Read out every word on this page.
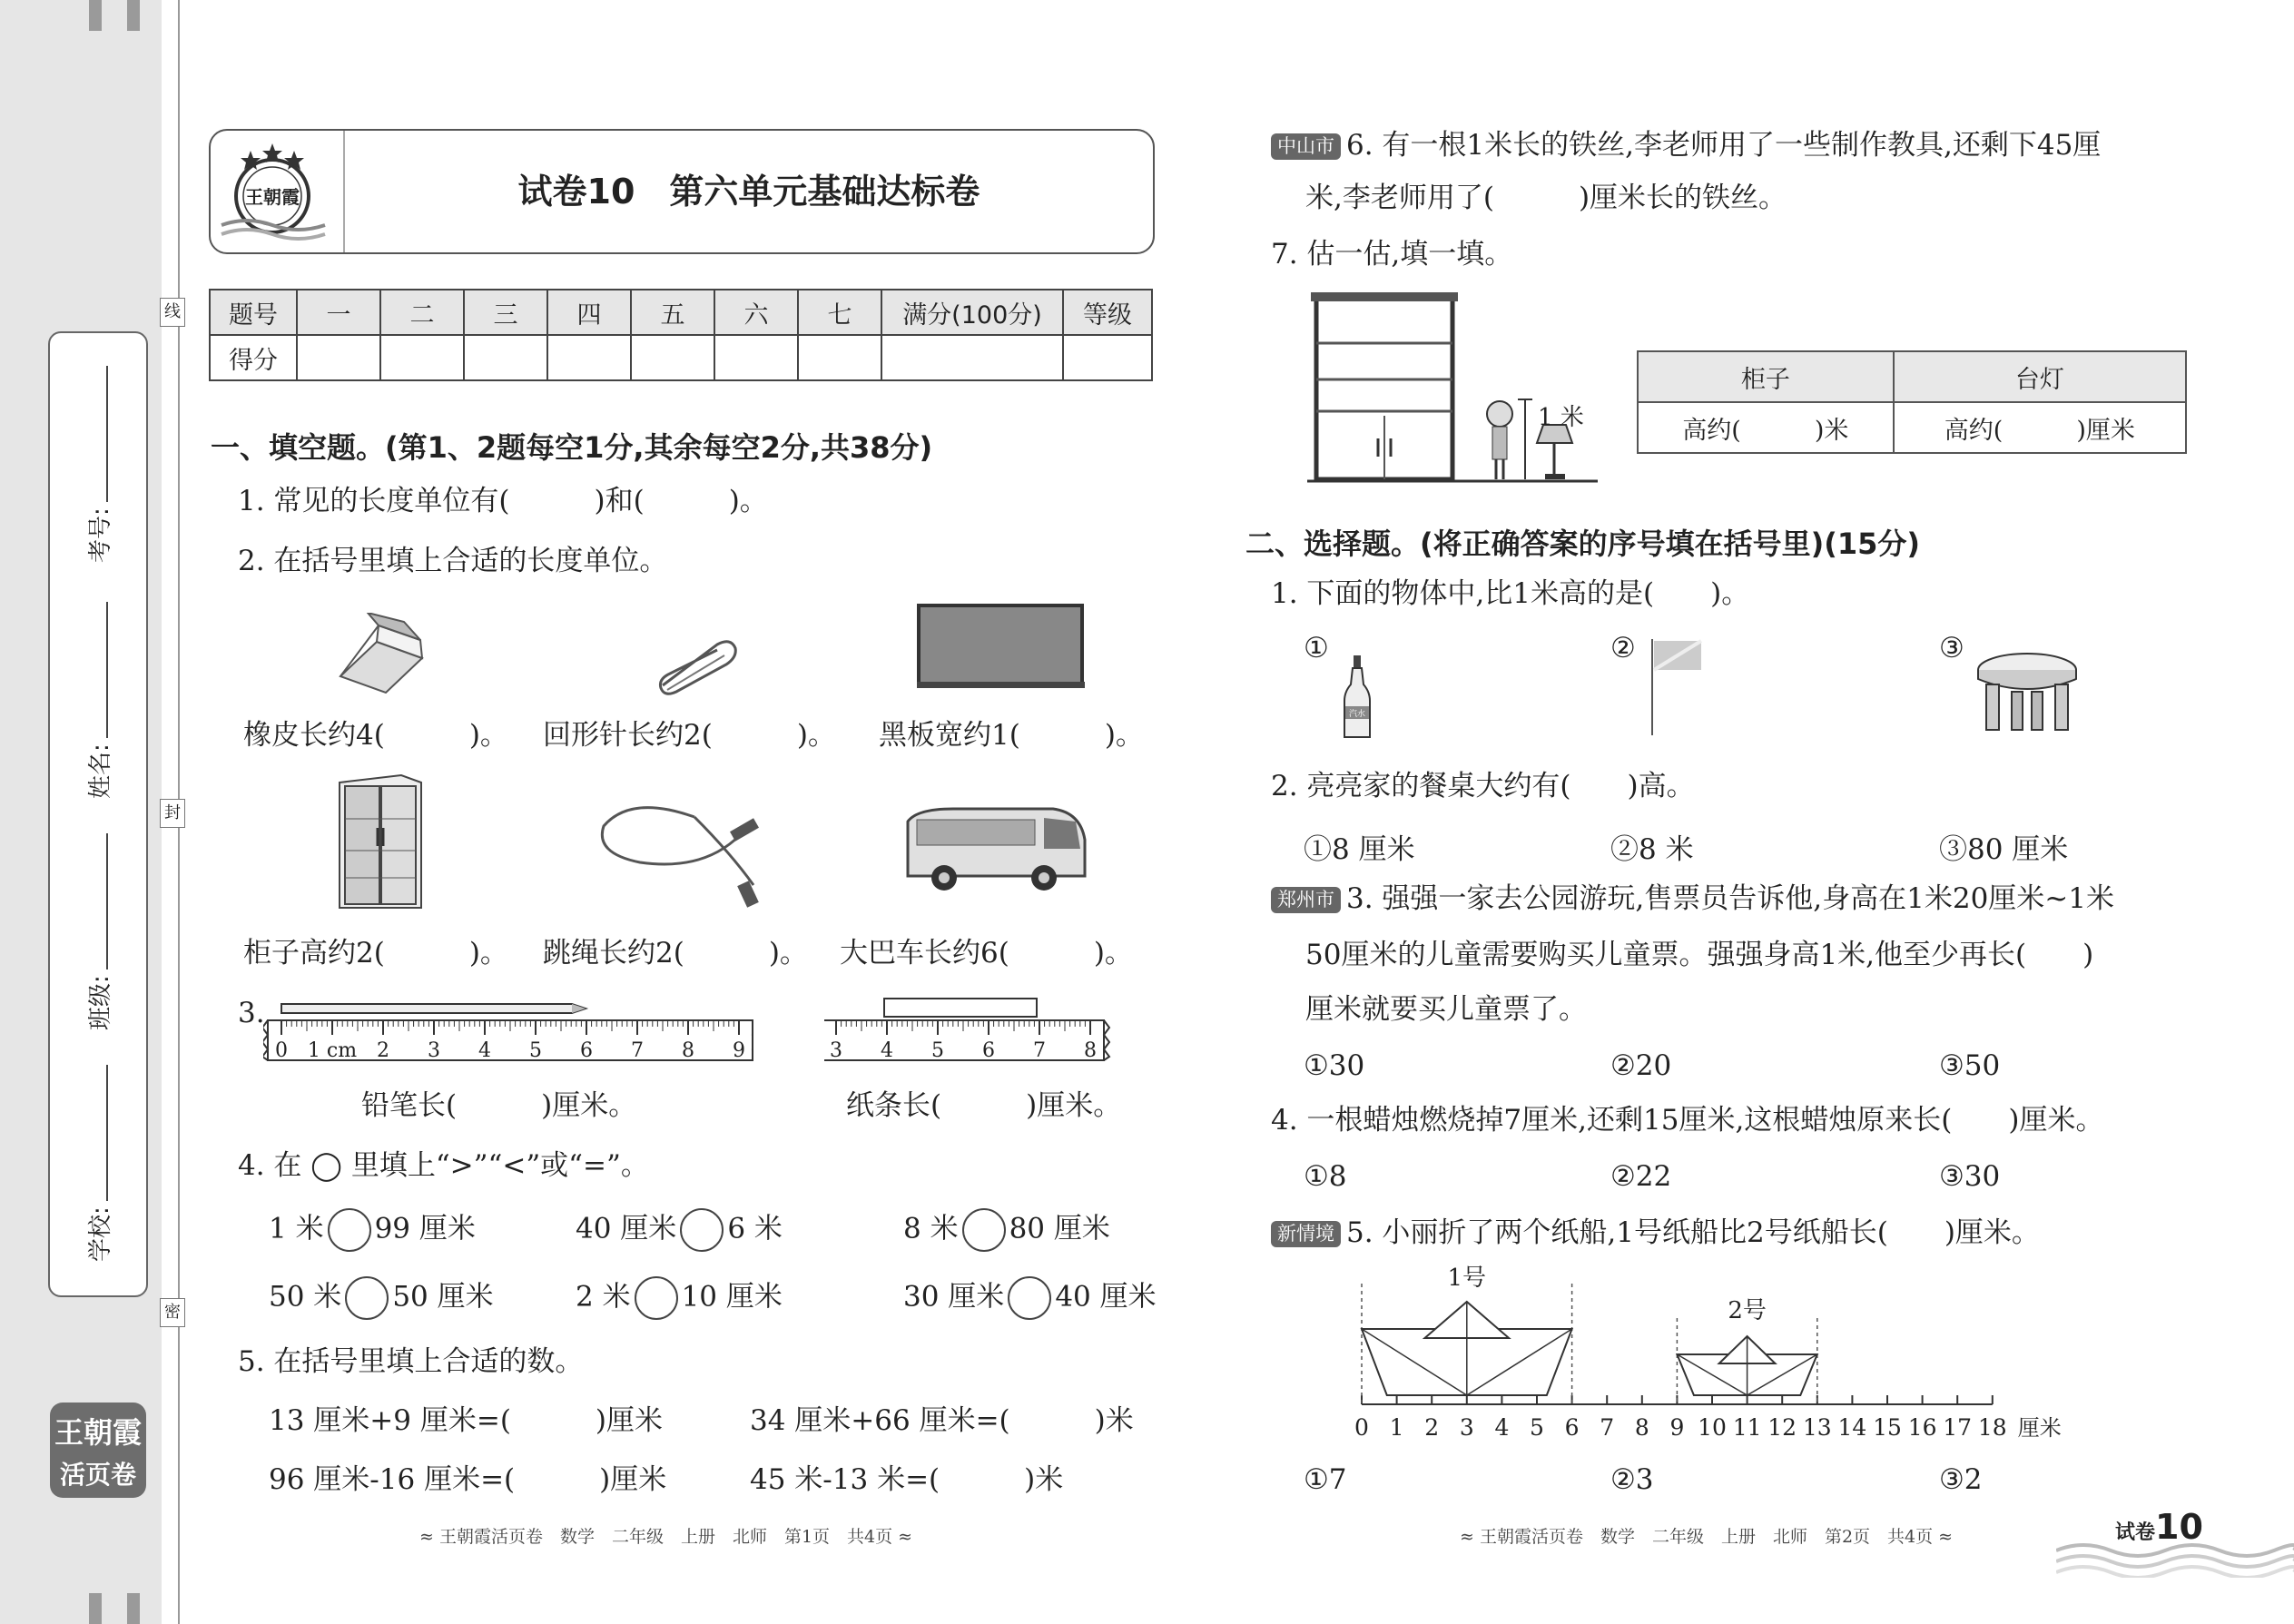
学校:
班级:
姓名:
考号:
线
封
密
王朝霞
活页卷
王朝霞	试卷10　第六单元基础达标卷
题号	一	二	三	四	五	六	七	满分(100分)	等级
得分									
一、填空题。(第1、2题每空1分,其余每空2分,共38分)
1. 常见的长度单位有(　　　)和(　　　)。
2. 在括号里填上合适的长度单位。
橡皮长约4(　　　)。 回形针长约2(　　　)。 黑板宽约1(　　　)。
柜子高约2(　　　)。 跳绳长约2(　　　)。 大巴车长约6(　　　)。
3.
0 1 cm 2 3 4 5 6 7 8 9	3 4 5 6 7 8
铅笔长(　　　)厘米。	纸条长(　　　)厘米。
4. 在 ◯ 里填上“>”“<”或“=”。
1 米 99 厘米	40 厘米 6 米	8 米 80 厘米
50 米 50 厘米	2 米 10 厘米	30 厘米 40 厘米
5. 在括号里填上合适的数。
13 厘米+9 厘米=(　　　)厘米	34 厘米+66 厘米=(　　　)米
96 厘米-16 厘米=(　　　)厘米	45 米-13 米=(　　　)米
≈ 王朝霞活页卷　数学　二年级　上册　北师　第1页　共4页 ≈
中山市 6. 有一根1米长的铁丝,李老师用了一些制作教具,还剩下45厘
米,李老师用了(　　　)厘米长的铁丝。
7. 估一估,填一填。
1 米
柜子	台灯
高约(　　　)米	高约(　　　)厘米
二、选择题。(将正确答案的序号填在括号里)(15分)
1. 下面的物体中,比1米高的是(　　)。
①	②	③
汽水
2. 亮亮家的餐桌大约有(　　)高。
①8 厘米	②8 米	③80 厘米
郑州市 3. 强强一家去公园游玩,售票员告诉他,身高在1米20厘米~1米
50厘米的儿童需要购买儿童票。强强身高1米,他至少再长(　　)
厘米就要买儿童票了。
①30	②20	③50
4. 一根蜡烛燃烧掉7厘米,还剩15厘米,这根蜡烛原来长(　　)厘米。
①8	②22	③30
新情境 5. 小丽折了两个纸船,1号纸船比2号纸船长(　　)厘米。
0 1 2 3 4 5 6 7 8 9 10 11 12 13 14 15 16 17 18
1号
2号
厘米
①7	②3	③2
≈ 王朝霞活页卷　数学　二年级　上册　北师　第2页　共4页 ≈	试卷10
